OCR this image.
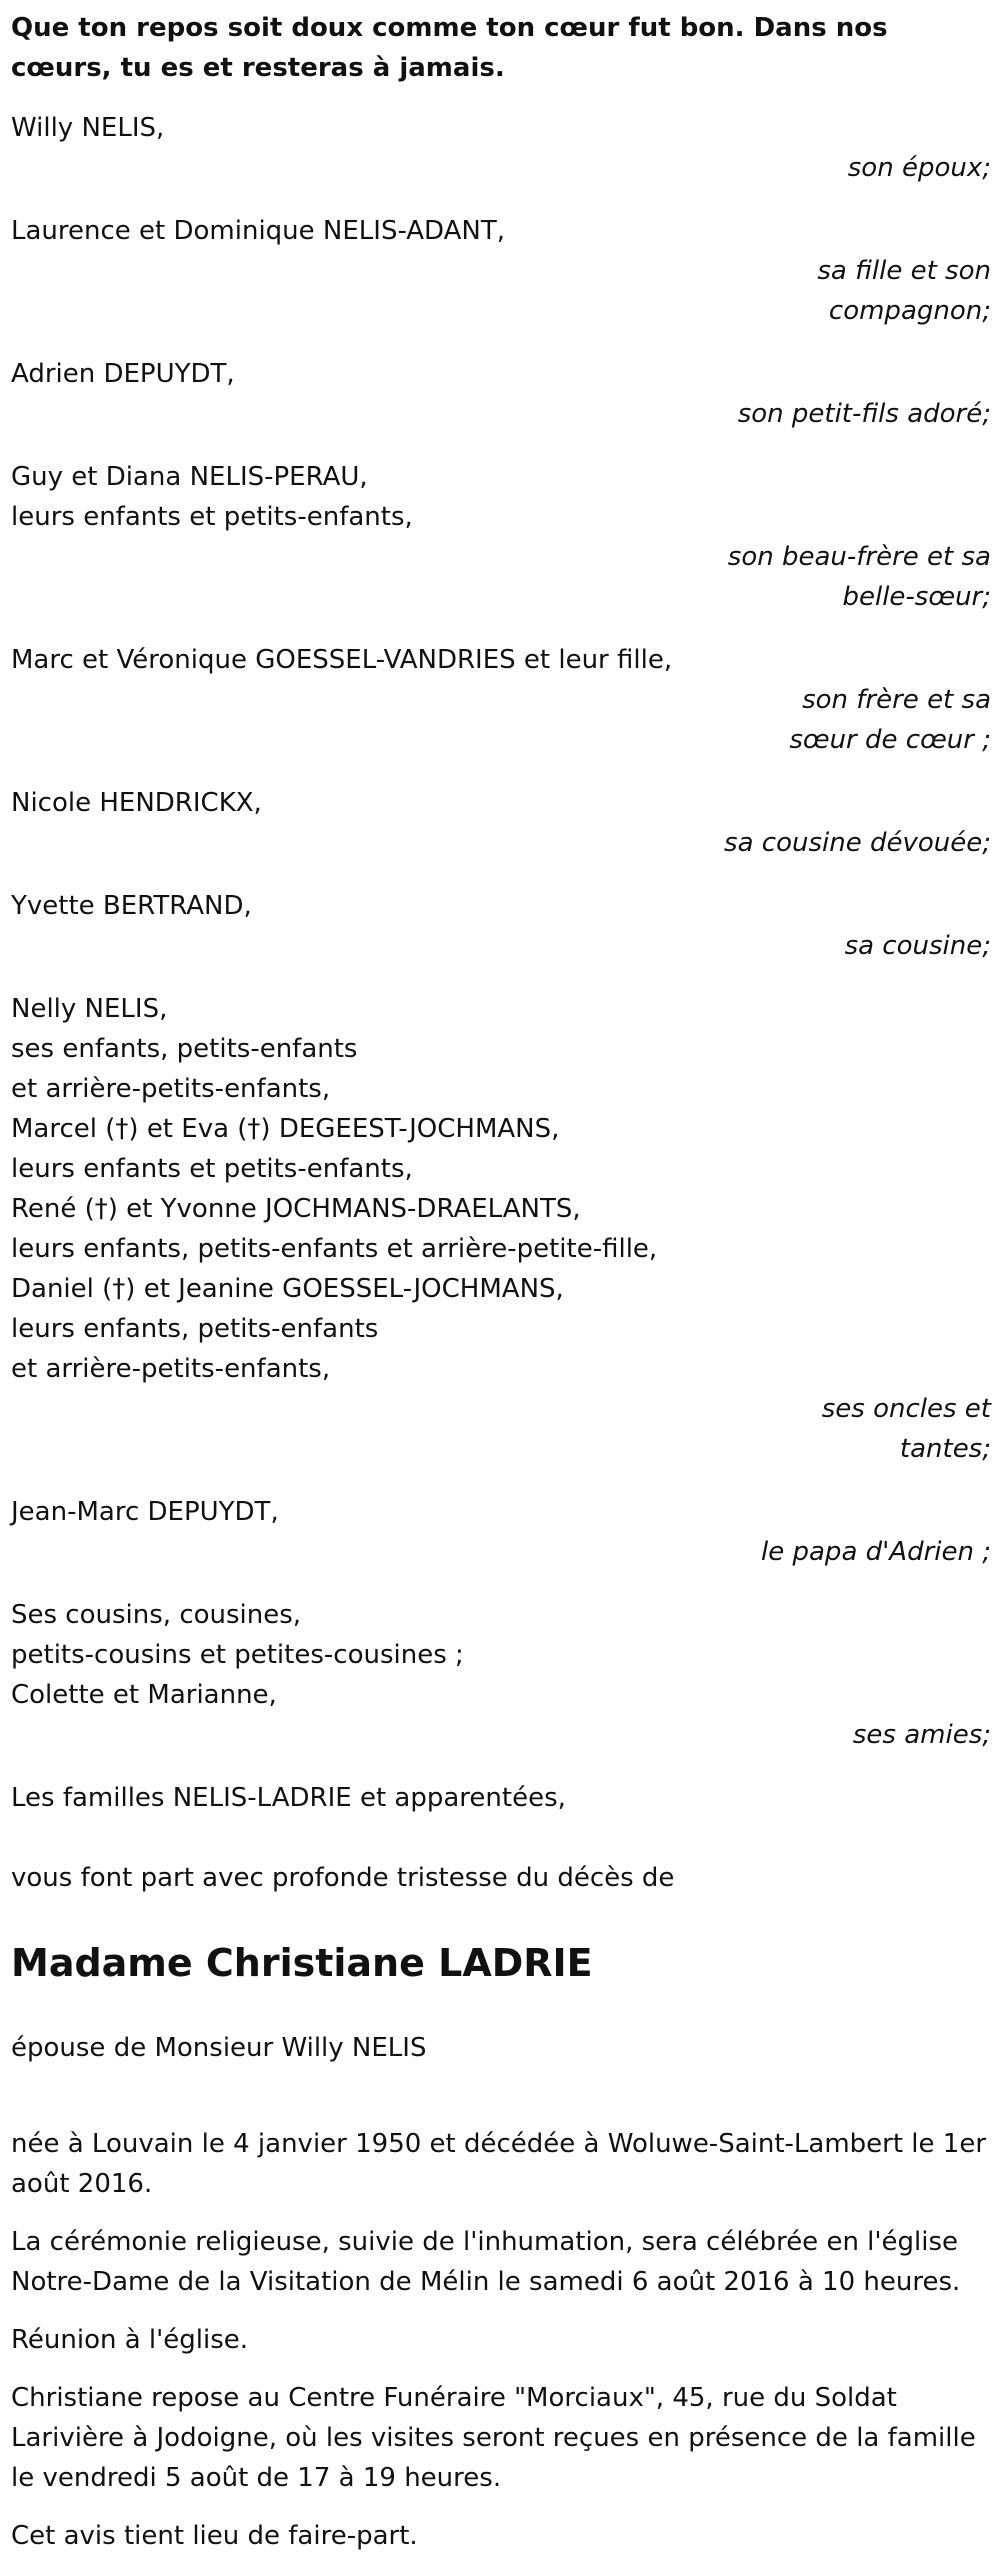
Que ton repos soit doux comme ton cœur fut bon. Dans nos cœurs, tu es et resteras à jamais.
Willy NELIS,
son époux;
Laurence et Dominique NELIS-ADANT,
sa fille et son
compagnon;
Adrien DEPUYDT,
son petit-fils adoré;
Guy et Diana NELIS-PERAU,
leurs enfants et petits-enfants,
son beau-frère et sa
belle-sœur;
Marc et Véronique GOESSEL-VANDRIES et leur fille,
son frère et sa
sœur de cœur ;
Nicole HENDRICKX,
sa cousine dévouée;
Yvette BERTRAND,
sa cousine;
Nelly NELIS,
ses enfants, petits-enfants
et arrière-petits-enfants,
Marcel (†) et Eva (†) DEGEEST-JOCHMANS,
leurs enfants et petits-enfants,
René (†) et Yvonne JOCHMANS-DRAELANTS,
leurs enfants, petits-enfants et arrière-petite-fille,
Daniel (†) et Jeanine GOESSEL-JOCHMANS,
leurs enfants, petits-enfants
et arrière-petits-enfants,
ses oncles et
tantes;
Jean-Marc DEPUYDT,
le papa d'Adrien ;
Ses cousins, cousines,
petits-cousins et petites-cousines ;
Colette et Marianne,
ses amies;
Les familles NELIS-LADRIE et apparentées,
vous font part avec profonde tristesse du décès de
Madame Christiane LADRIE
épouse de Monsieur Willy NELIS
née à Louvain le 4 janvier 1950 et décédée à Woluwe-Saint-Lambert le 1er août 2016.
La cérémonie religieuse, suivie de l'inhumation, sera célébrée en l'église Notre-Dame de la Visitation de Mélin le samedi 6 août 2016 à 10 heures.
Réunion à l'église.
Christiane repose au Centre Funéraire "Morciaux", 45, rue du Soldat Larivière à Jodoigne, où les visites seront reçues en présence de la famille le vendredi 5 août de 17 à 19 heures.
Cet avis tient lieu de faire-part.
